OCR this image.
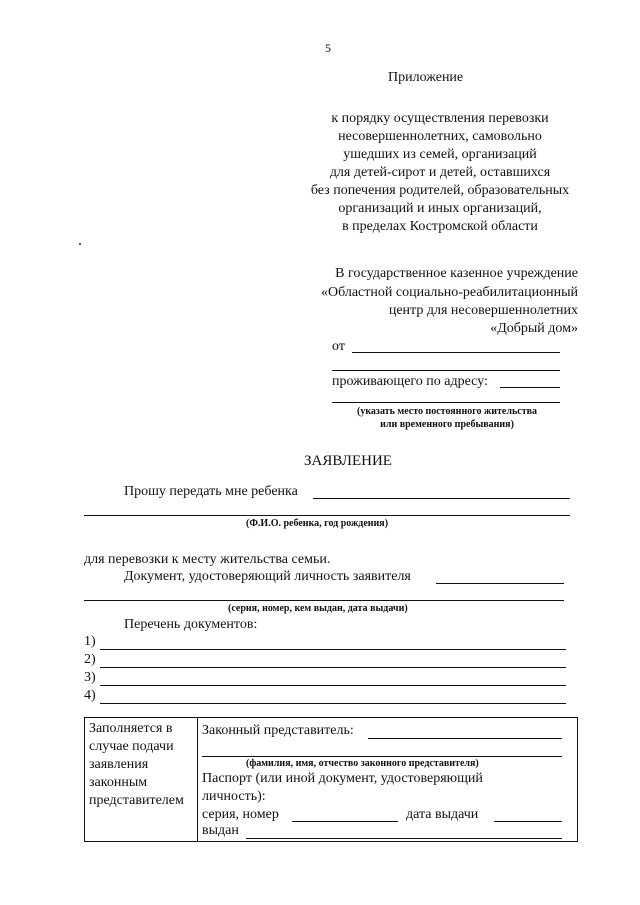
5
Приложение
к порядку осуществления перевозки
несовершеннолетних, самовольно
ушедших из семей, организаций
для детей-сирот и детей, оставшихся
без попечения родителей, образовательных
организаций и иных организаций,
в пределах Костромской области
В государственное казенное учреждение
«Областной социально-реабилитационный
центр для несовершеннолетних
«Добрый дом»
от
проживающего по адресу:
(указать место постоянного жительства
или временного пребывания)
ЗАЯВЛЕНИЕ
Прошу передать мне ребенка
(Ф.И.О. ребенка, год рождения)
для перевозки к месту жительства семьи.
Документ, удостоверяющий личность заявителя
(серия, номер, кем выдан, дата выдачи)
Перечень документов:
1)
2)
3)
4)
Заполняется в
случае подачи
заявления
законным
представителем

Законный представитель:
(фамилия, имя, отчество законного представителя)
Паспорт (или иной документ, удостоверяющий
личность):
серия, номер	дата выдачи
выдан
